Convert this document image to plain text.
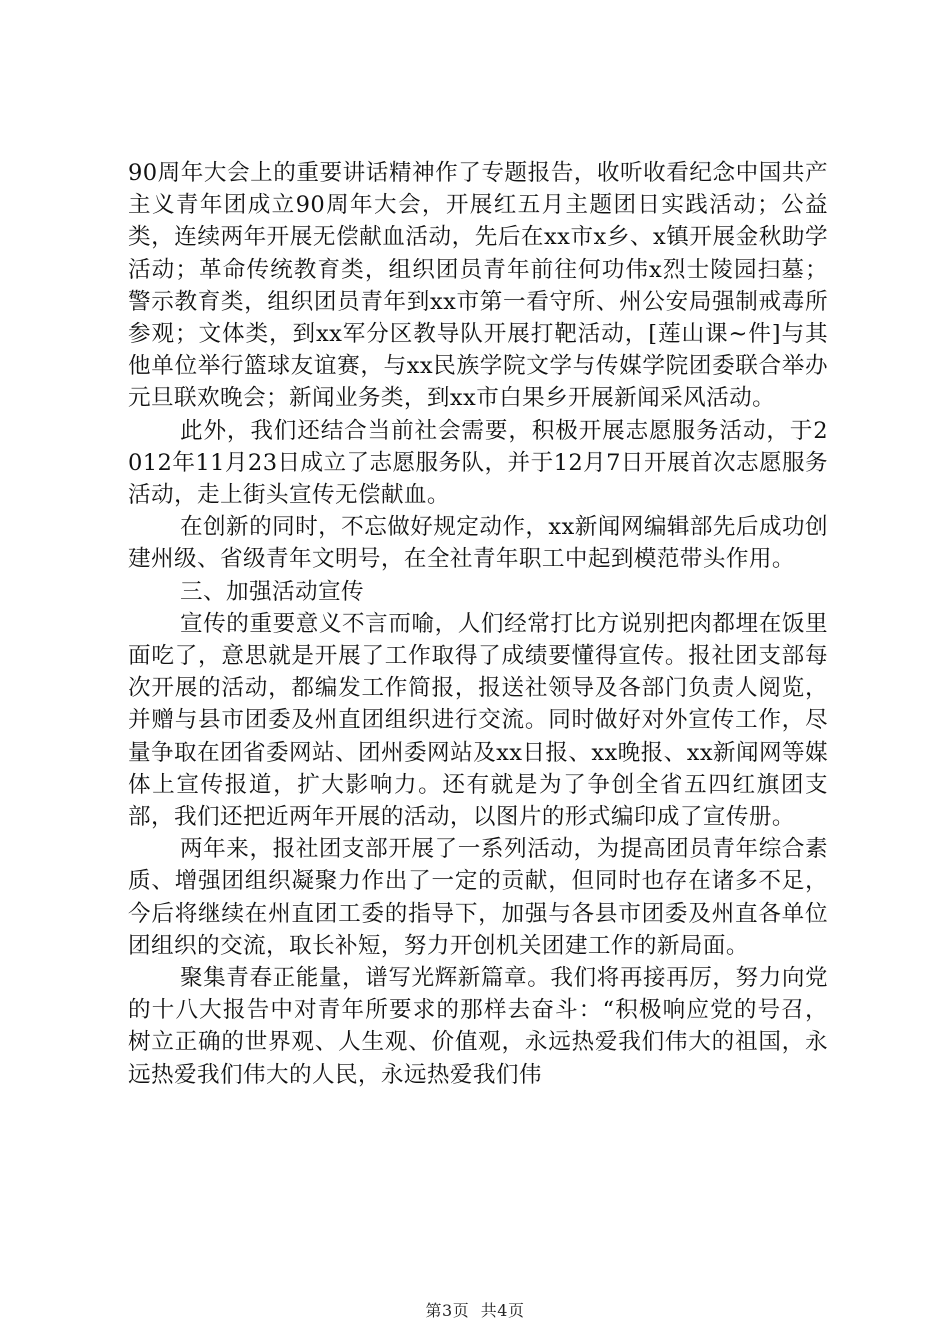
90周年大会上的重要讲话精神作了专题报告，收听收看纪念中国共产主义青年团成立90周年大会，开展红五月主题团日实践活动；公益类，连续两年开展无偿献血活动，先后在xx市x乡、x镇开展金秋助学活动；革命传统教育类，组织团员青年前往何功伟x烈士陵园扫墓；警示教育类，组织团员青年到xx市第一看守所、州公安局强制戒毒所参观；文体类，到xx军分区教导队开展打靶活动，[莲山课~件]与其他单位举行篮球友谊赛，与xx民族学院文学与传媒学院团委联合举办元旦联欢晚会；新闻业务类，到xx市白果乡开展新闻采风活动。

此外，我们还结合当前社会需要，积极开展志愿服务活动，于2012年11月23日成立了志愿服务队，并于12月7日开展首次志愿服务活动，走上街头宣传无偿献血。

在创新的同时，不忘做好规定动作，xx新闻网编辑部先后成功创建州级、省级青年文明号，在全社青年职工中起到模范带头作用。

三、加强活动宣传

宣传的重要意义不言而喻，人们经常打比方说别把肉都埋在饭里面吃了，意思就是开展了工作取得了成绩要懂得宣传。报社团支部每次开展的活动，都编发工作简报，报送社领导及各部门负责人阅览，并赠与县市团委及州直团组织进行交流。同时做好对外宣传工作，尽量争取在团省委网站、团州委网站及xx日报、xx晚报、xx新闻网等媒体上宣传报道，扩大影响力。还有就是为了争创全省五四红旗团支部，我们还把近两年开展的活动，以图片的形式编印成了宣传册。

两年来，报社团支部开展了一系列活动，为提高团员青年综合素质、增强团组织凝聚力作出了一定的贡献，但同时也存在诸多不足，今后将继续在州直团工委的指导下，加强与各县市团委及州直各单位团组织的交流，取长补短，努力开创机关团建工作的新局面。

聚集青春正能量，谱写光辉新篇章。我们将再接再厉，努力向党的十八大报告中对青年所要求的那样去奋斗：“积极响应党的号召，树立正确的世界观、人生观、价值观，永远热爱我们伟大的祖国，永远热爱我们伟大的人民，永远热爱我们伟

第3页 共4页
